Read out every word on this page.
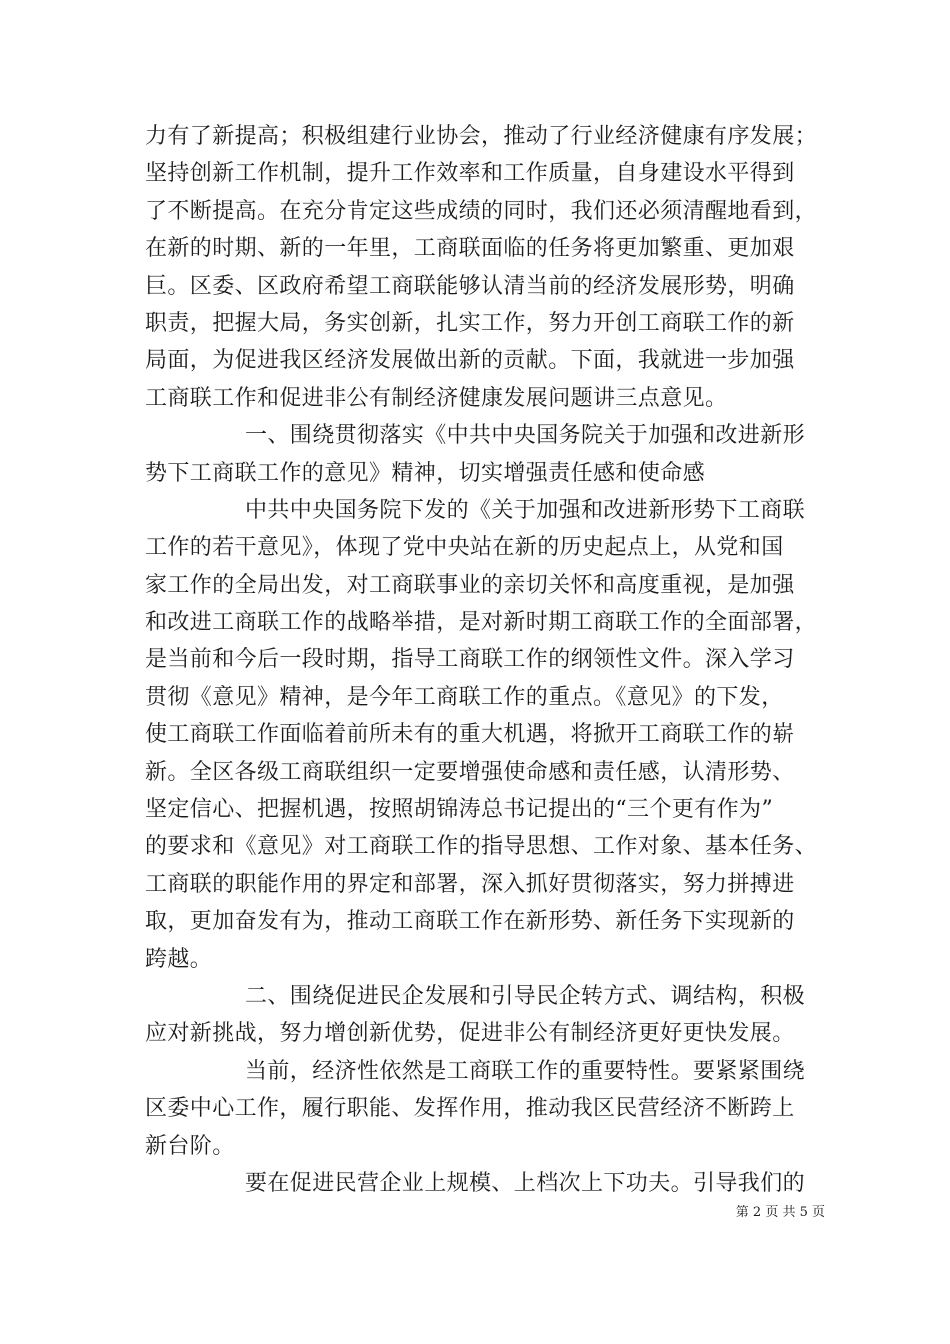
力有了新提高；积极组建行业协会，推动了行业经济健康有序发展；
坚持创新工作机制，提升工作效率和工作质量，自身建设水平得到
了不断提高。在充分肯定这些成绩的同时，我们还必须清醒地看到，
在新的时期、新的一年里，工商联面临的任务将更加繁重、更加艰
巨。区委、区政府希望工商联能够认清当前的经济发展形势，明确
职责，把握大局，务实创新，扎实工作，努力开创工商联工作的新
局面，为促进我区经济发展做出新的贡献。下面，我就进一步加强
工商联工作和促进非公有制经济健康发展问题讲三点意见。
一、围绕贯彻落实《中共中央国务院关于加强和改进新形
势下工商联工作的意见》精神，切实增强责任感和使命感
中共中央国务院下发的《关于加强和改进新形势下工商联
工作的若干意见》，体现了党中央站在新的历史起点上，从党和国
家工作的全局出发，对工商联事业的亲切关怀和高度重视，是加强
和改进工商联工作的战略举措，是对新时期工商联工作的全面部署，
是当前和今后一段时期，指导工商联工作的纲领性文件。深入学习
贯彻《意见》精神，是今年工商联工作的重点。《意见》的下发，
使工商联工作面临着前所未有的重大机遇，将掀开工商联工作的崭
新。全区各级工商联组织一定要增强使命感和责任感，认清形势、
坚定信心、把握机遇，按照胡锦涛总书记提出的“三个更有作为”
的要求和《意见》对工商联工作的指导思想、工作对象、基本任务、
工商联的职能作用的界定和部署，深入抓好贯彻落实，努力拼搏进
取，更加奋发有为，推动工商联工作在新形势、新任务下实现新的
跨越。
二、围绕促进民企发展和引导民企转方式、调结构，积极
应对新挑战，努力增创新优势，促进非公有制经济更好更快发展。
当前，经济性依然是工商联工作的重要特性。要紧紧围绕
区委中心工作，履行职能、发挥作用，推动我区民营经济不断跨上
新台阶。
要在促进民营企业上规模、上档次上下功夫。引导我们的
第 2 页 共 5 页
